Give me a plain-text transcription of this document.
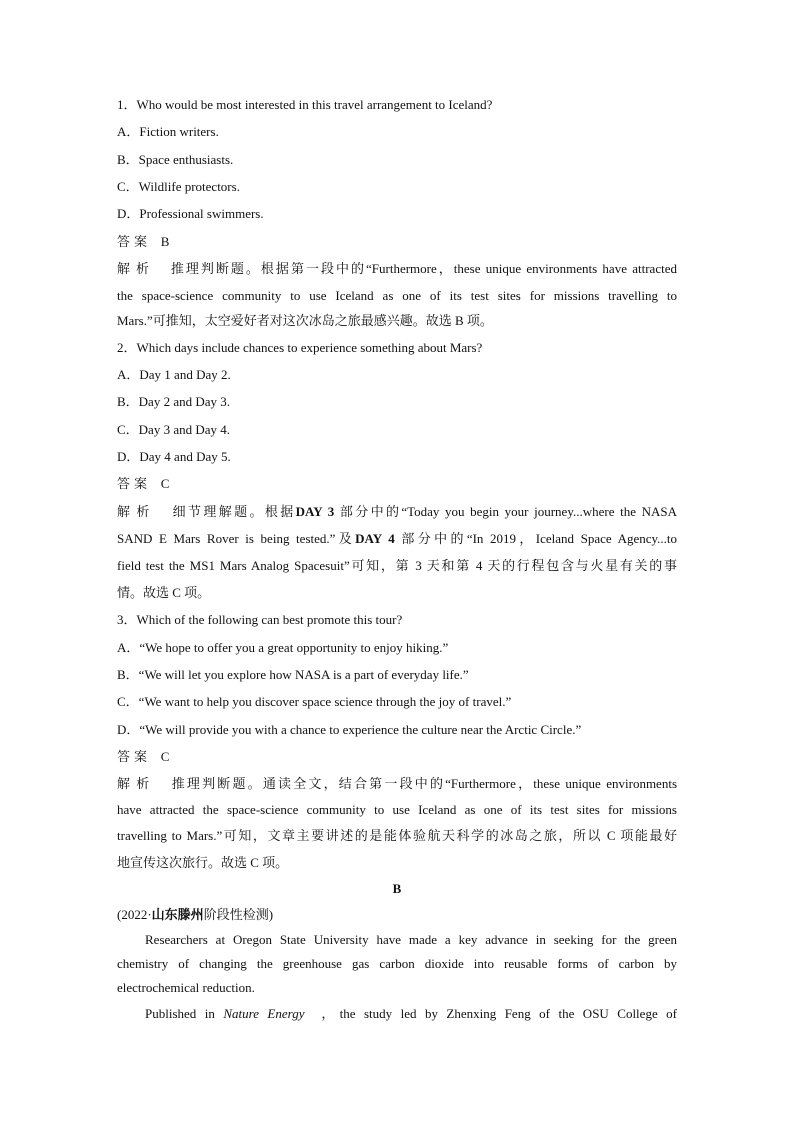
1．Who would be most interested in this travel arrangement to Iceland?
A．Fiction writers.
B．Space enthusiasts.
C．Wildlife protectors.
D．Professional swimmers.
答案 B
解析 推理判断题。根据第一段中的“Furthermore，these unique environments have attracted
the space-science community to use Iceland as one of its test sites for missions travelling to
Mars.”可推知，太空爱好者对这次冰岛之旅最感兴趣。故选 B 项。
2．Which days include chances to experience something about Mars?
A．Day 1 and Day 2.
B．Day 2 and Day 3.
C．Day 3 and Day 4.
D．Day 4 and Day 5.
答案 C
解析 细节理解题。根据DAY 3 部分中的“Today you begin your journey...where the NASA
SAND E Mars Rover is being tested.”及DAY 4 部分中的“In 2019，Iceland Space Agency...to
field test the MS1 Mars Analog Spacesuit”可知，第 3 天和第 4 天的行程包含与火星有关的事
情。故选 C 项。
3．Which of the following can best promote this tour?
A．“We hope to offer you a great opportunity to enjoy hiking.”
B．“We will let you explore how NASA is a part of everyday life.”
C．“We want to help you discover space science through the joy of travel.”
D．“We will provide you with a chance to experience the culture near the Arctic Circle.”
答案 C
解析 推理判断题。通读全文，结合第一段中的“Furthermore，these unique environments
have attracted the space-science community to use Iceland as one of its test sites for missions
travelling to Mars.”可知，文章主要讲述的是能体验航天科学的冰岛之旅，所以 C 项能最好
地宣传这次旅行。故选 C 项。
B
(2022·山东滕州阶段性检测)
Researchers at Oregon State University have made a key advance in seeking for the green
chemistry of changing the greenhouse gas carbon dioxide into reusable forms of carbon by
electrochemical reduction.
Published in Nature Energy ，the study led by Zhenxing Feng of the OSU College of
